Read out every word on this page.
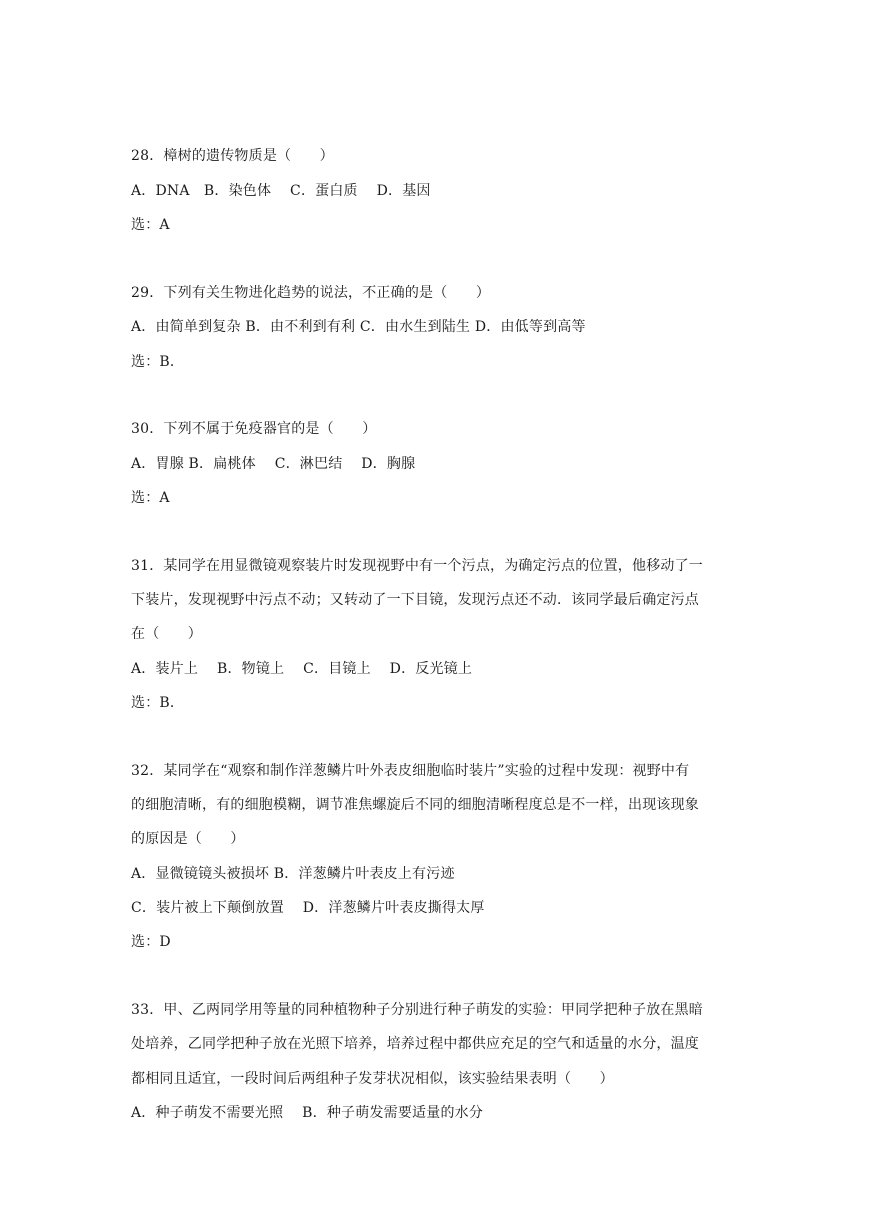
28．樟树的遗传物质是（　　）
A．DNA　B．染色体　 C．蛋白质　 D．基因
选：A
29．下列有关生物进化趋势的说法，不正确的是（　　）
A．由简单到复杂 B．由不利到有利 C．由水生到陆生 D．由低等到高等
选：B．
30．下列不属于免疫器官的是（　　）
A．胃腺 B．扁桃体　 C．淋巴结　 D．胸腺
选：A
31．某同学在用显微镜观察装片时发现视野中有一个污点，为确定污点的位置，他移动了一
下装片，发现视野中污点不动；又转动了一下目镜，发现污点还不动．该同学最后确定污点
在（　　）
A．装片上　 B．物镜上　 C．目镜上　 D．反光镜上
选：B．
32．某同学在“观察和制作洋葱鳞片叶外表皮细胞临时装片”实验的过程中发现：视野中有
的细胞清晰，有的细胞模糊，调节准焦螺旋后不同的细胞清晰程度总是不一样，出现该现象
的原因是（　　）
A．显微镜镜头被损坏 B．洋葱鳞片叶表皮上有污迹
C．装片被上下颠倒放置　 D．洋葱鳞片叶表皮撕得太厚
选：D
33．甲、乙两同学用等量的同种植物种子分别进行种子萌发的实验：甲同学把种子放在黑暗
处培养，乙同学把种子放在光照下培养，培养过程中都供应充足的空气和适量的水分，温度
都相同且适宜，一段时间后两组种子发芽状况相似，该实验结果表明（　　）
A．种子萌发不需要光照　 B．种子萌发需要适量的水分
